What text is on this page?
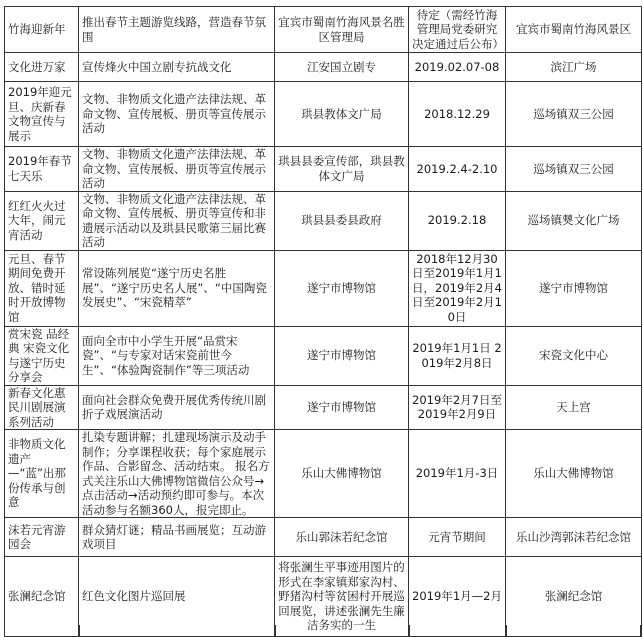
竹海迎新年	推出春节主题游览线路，营造春节氛围	宜宾市蜀南竹海风景名胜区管理局	待定（需经竹海管理局党委研究决定通过后公布）	宜宾市蜀南竹海风景区
文化进万家	宣传烽火中国立剧专抗战文化	江安国立剧专	2019.02.07-08	滨江广场
2019年迎元旦、庆新春文物宣传与展示	文物、非物质文化遗产法律法规、革命文物、宣传展板、册页等宣传展示活动	珙县教体文广局	2018.12.29	巡场镇双三公园
2019年春节七天乐	文物、非物质文化遗产法律法规、革命文物、宣传展板、册页等宣传展示活动	珙县县委宣传部，珙县教体文广局	2019.2.4-2.10	巡场镇双三公园
红红火火过大年，闹元宵活动	文物、非物质文化遗产法律法规、革命文物、宣传展板、册页等宣传和非遗展示活动以及珙县民歌第三届比赛活动	珙县县委县政府	2019.2.18	巡场镇僰文化广场
元旦、春节期间免费开放、错时延时开放博物馆	常设陈列展览“遂宁历史名胜展”、“遂宁历史名人展”、“中国陶瓷发展史”、“宋瓷精萃”	遂宁市博物馆	2018年12月30日至2019年1月1日，2019年2月4日至2019年2月10日	遂宁市博物馆
赏宋瓷 品经典 宋瓷文化与遂宁历史分享会	面向全市中小学生开展“品赏宋瓷”、“与专家对话宋瓷前世今生”、“体验陶瓷制作”等三项活动	遂宁市博物馆	2019年1月1日 2019年2月8日	宋瓷文化中心
新春文化惠民川剧展演系列活动	面向社会群众免费开展优秀传统川剧折子戏展演活动	遂宁市博物馆	2019年2月7日至2019年2月9日	天上宫
非物质文化遗产—“蓝”出那份传承与创意	扎染专题讲解；扎建现场演示及动手制作；分享课程收获；每个家庭展示作品、合影留念、活动结束。 报名方式关注乐山大佛博物馆微信公众号→点击活动→活动预约即可参与。本次活动参与名额360人，报完即止。	乐山大佛博物馆	2019年1月-3日	乐山大佛博物馆
沫若元宵游园会	群众猜灯谜；精品书画展览；互动游戏项目	乐山郭沫若纪念馆	元宵节期间	乐山沙湾郭沫若纪念馆
张澜纪念馆	红色文化图片巡回展	将张澜生平事迹用图片的形式在李家镇郑家沟村、野猪沟村等贫困村开展巡回展览，讲述张澜先生廉洁务实的一生	2019年1月—2月	张澜纪念馆
